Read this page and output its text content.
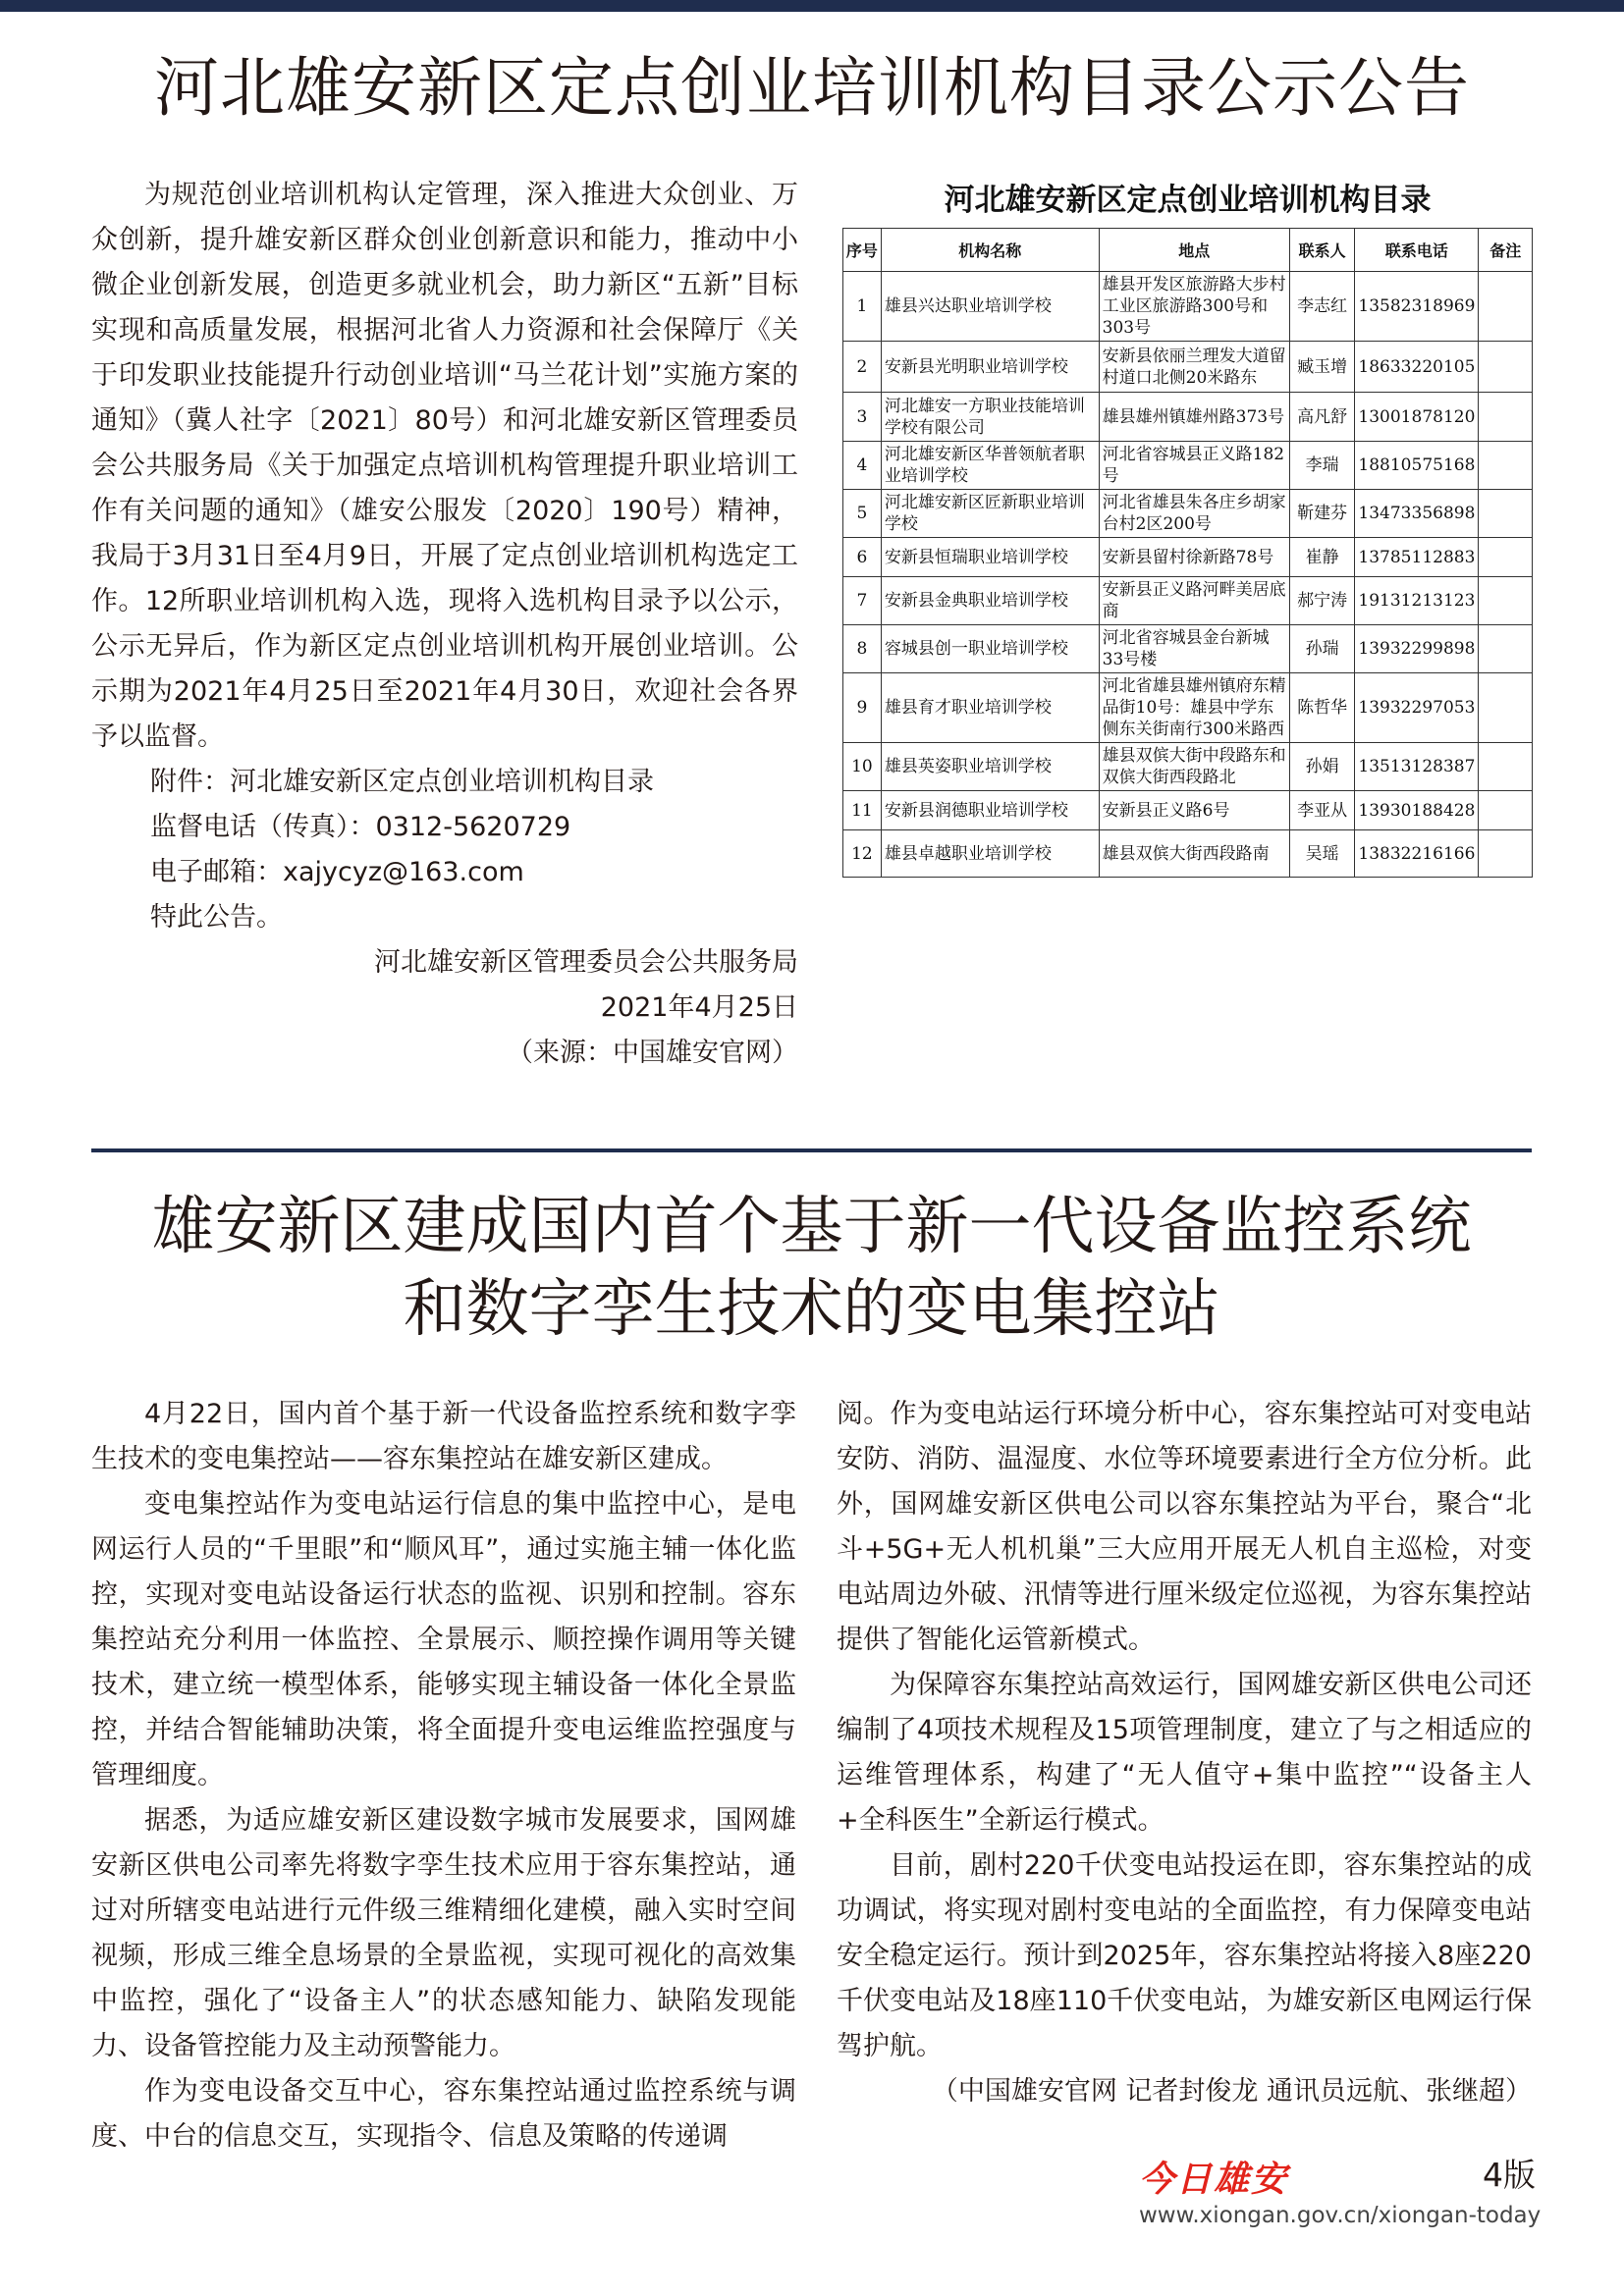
河北雄安新区定点创业培训机构目录公示公告

为规范创业培训机构认定管理，深入推进大众创业、万众创新，提升雄安新区群众创业创新意识和能力，推动中小微企业创新发展，创造更多就业机会，助力新区“五新”目标实现和高质量发展，根据河北省人力资源和社会保障厅《关于印发职业技能提升行动创业培训“马兰花计划”实施方案的通知》（冀人社字〔2021〕80号）和河北雄安新区管理委员会公共服务局《关于加强定点培训机构管理提升职业培训工作有关问题的通知》（雄安公服发〔2020〕190号）精神，我局于3月31日至4月9日，开展了定点创业培训机构选定工作。12所职业培训机构入选，现将入选机构目录予以公示，公示无异后，作为新区定点创业培训机构开展创业培训。公示期为2021年4月25日至2021年4月30日，欢迎社会各界予以监督。

附件：河北雄安新区定点创业培训机构目录

监督电话（传真）：0312-5620729

电子邮箱：xajycyz@163.com

特此公告。

河北雄安新区管理委员会公共服务局

2021年4月25日

（来源：中国雄安官网）

河北雄安新区定点创业培训机构目录
序号	机构名称	地点	联系人	联系电话	备注
1	雄县兴达职业培训学校	雄县开发区旅游路大步村工业区旅游路300号和303号	李志红	13582318969	
2	安新县光明职业培训学校	安新县依丽兰理发大道留村道口北侧20米路东	臧玉增	18633220105	
3	河北雄安一方职业技能培训学校有限公司	雄县雄州镇雄州路373号	高凡舒	13001878120	
4	河北雄安新区华普领航者职业培训学校	河北省容城县正义路182号	李瑞	18810575168	
5	河北雄安新区匠新职业培训学校	河北省雄县朱各庄乡胡家台村2区200号	靳建芬	13473356898	
6	安新县恒瑞职业培训学校	安新县留村徐新路78号	崔静	13785112883	
7	安新县金典职业培训学校	安新县正义路河畔美居底商	郝宁涛	19131213123	
8	容城县创一职业培训学校	河北省容城县金台新城33号楼	孙瑞	13932299898	
9	雄县育才职业培训学校	河北省雄县雄州镇府东精品街10号：雄县中学东侧东关街南行300米路西	陈哲华	13932297053	
10	雄县英姿职业培训学校	雄县双傧大街中段路东和双傧大街西段路北	孙娟	13513128387	
11	安新县润德职业培训学校	安新县正义路6号	李亚从	13930188428	
12	雄县卓越职业培训学校	雄县双傧大街西段路南	吴瑶	13832216166	
雄安新区建成国内首个基于新一代设备监控系统
和数字孪生技术的变电集控站

4月22日，国内首个基于新一代设备监控系统和数字孪生技术的变电集控站——容东集控站在雄安新区建成。

变电集控站作为变电站运行信息的集中监控中心，是电网运行人员的“千里眼”和“顺风耳”，通过实施主辅一体化监控，实现对变电站设备运行状态的监视、识别和控制。容东集控站充分利用一体监控、全景展示、顺控操作调用等关键技术，建立统一模型体系，能够实现主辅设备一体化全景监控，并结合智能辅助决策，将全面提升变电运维监控强度与管理细度。

据悉，为适应雄安新区建设数字城市发展要求，国网雄安新区供电公司率先将数字孪生技术应用于容东集控站，通过对所辖变电站进行元件级三维精细化建模，融入实时空间视频，形成三维全息场景的全景监视，实现可视化的高效集中监控，强化了“设备主人”的状态感知能力、缺陷发现能力、设备管控能力及主动预警能力。

作为变电设备交互中心，容东集控站通过监控系统与调度、中台的信息交互，实现指令、信息及策略的传递调

阅。作为变电站运行环境分析中心，容东集控站可对变电站安防、消防、温湿度、水位等环境要素进行全方位分析。此外，国网雄安新区供电公司以容东集控站为平台，聚合“北斗+5G+无人机机巢”三大应用开展无人机自主巡检，对变电站周边外破、汛情等进行厘米级定位巡视，为容东集控站提供了智能化运管新模式。

为保障容东集控站高效运行，国网雄安新区供电公司还编制了4项技术规程及15项管理制度，建立了与之相适应的运维管理体系，构建了“无人值守+集中监控”“设备主人+全科医生”全新运行模式。

目前，剧村220千伏变电站投运在即，容东集控站的成功调试，将实现对剧村变电站的全面监控，有力保障变电站安全稳定运行。预计到2025年，容东集控站将接入8座220千伏变电站及18座110千伏变电站，为雄安新区电网运行保驾护航。

（中国雄安官网 记者封俊龙 通讯员远航、张继超）

今日雄安	4版
www.xiongan.gov.cn/xiongan-today
